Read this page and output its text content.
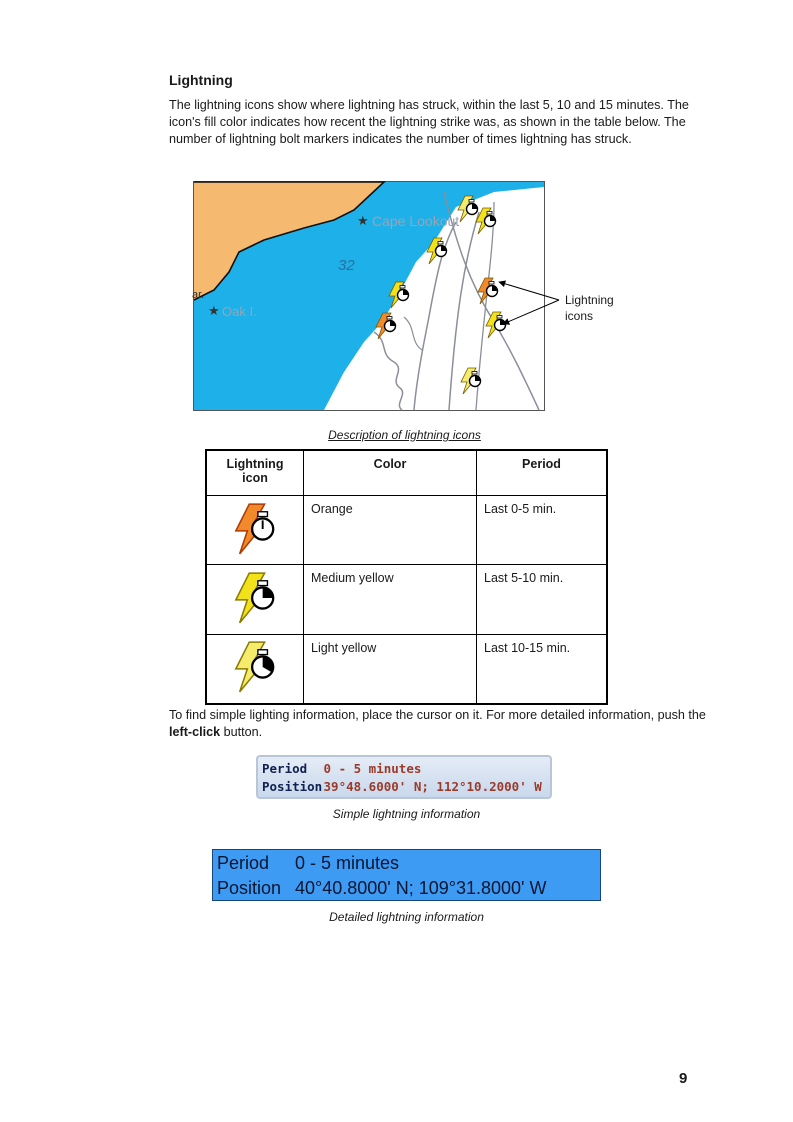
Lightning

The lightning icons show where lightning has struck, within the last 5, 10 and 15 minutes. The icon's fill color indicates how recent the lightning strike was, as shown in the table below. The number of lightning bolt markers indicates the number of times lightning has struck.

Cape Lookout
★
Oak I.
★
32
ar.	Lightning
icons
Description of lightning icons
Lightning icon	Color	Period
	Orange	Last 0-5 min.
	Medium yellow	Last 5-10 min.
	Light yellow	Last 10-15 min.

To find simple lighting information, place the cursor on it. For more detailed information, push the left-click button.

Period 0 - 5 minutes
Position 39°48.6000' N; 112°10.2000' W
Simple lightning information
Period 0 - 5 minutes
Position 40°40.8000' N; 109°31.8000' W
Detailed lightning information
9
